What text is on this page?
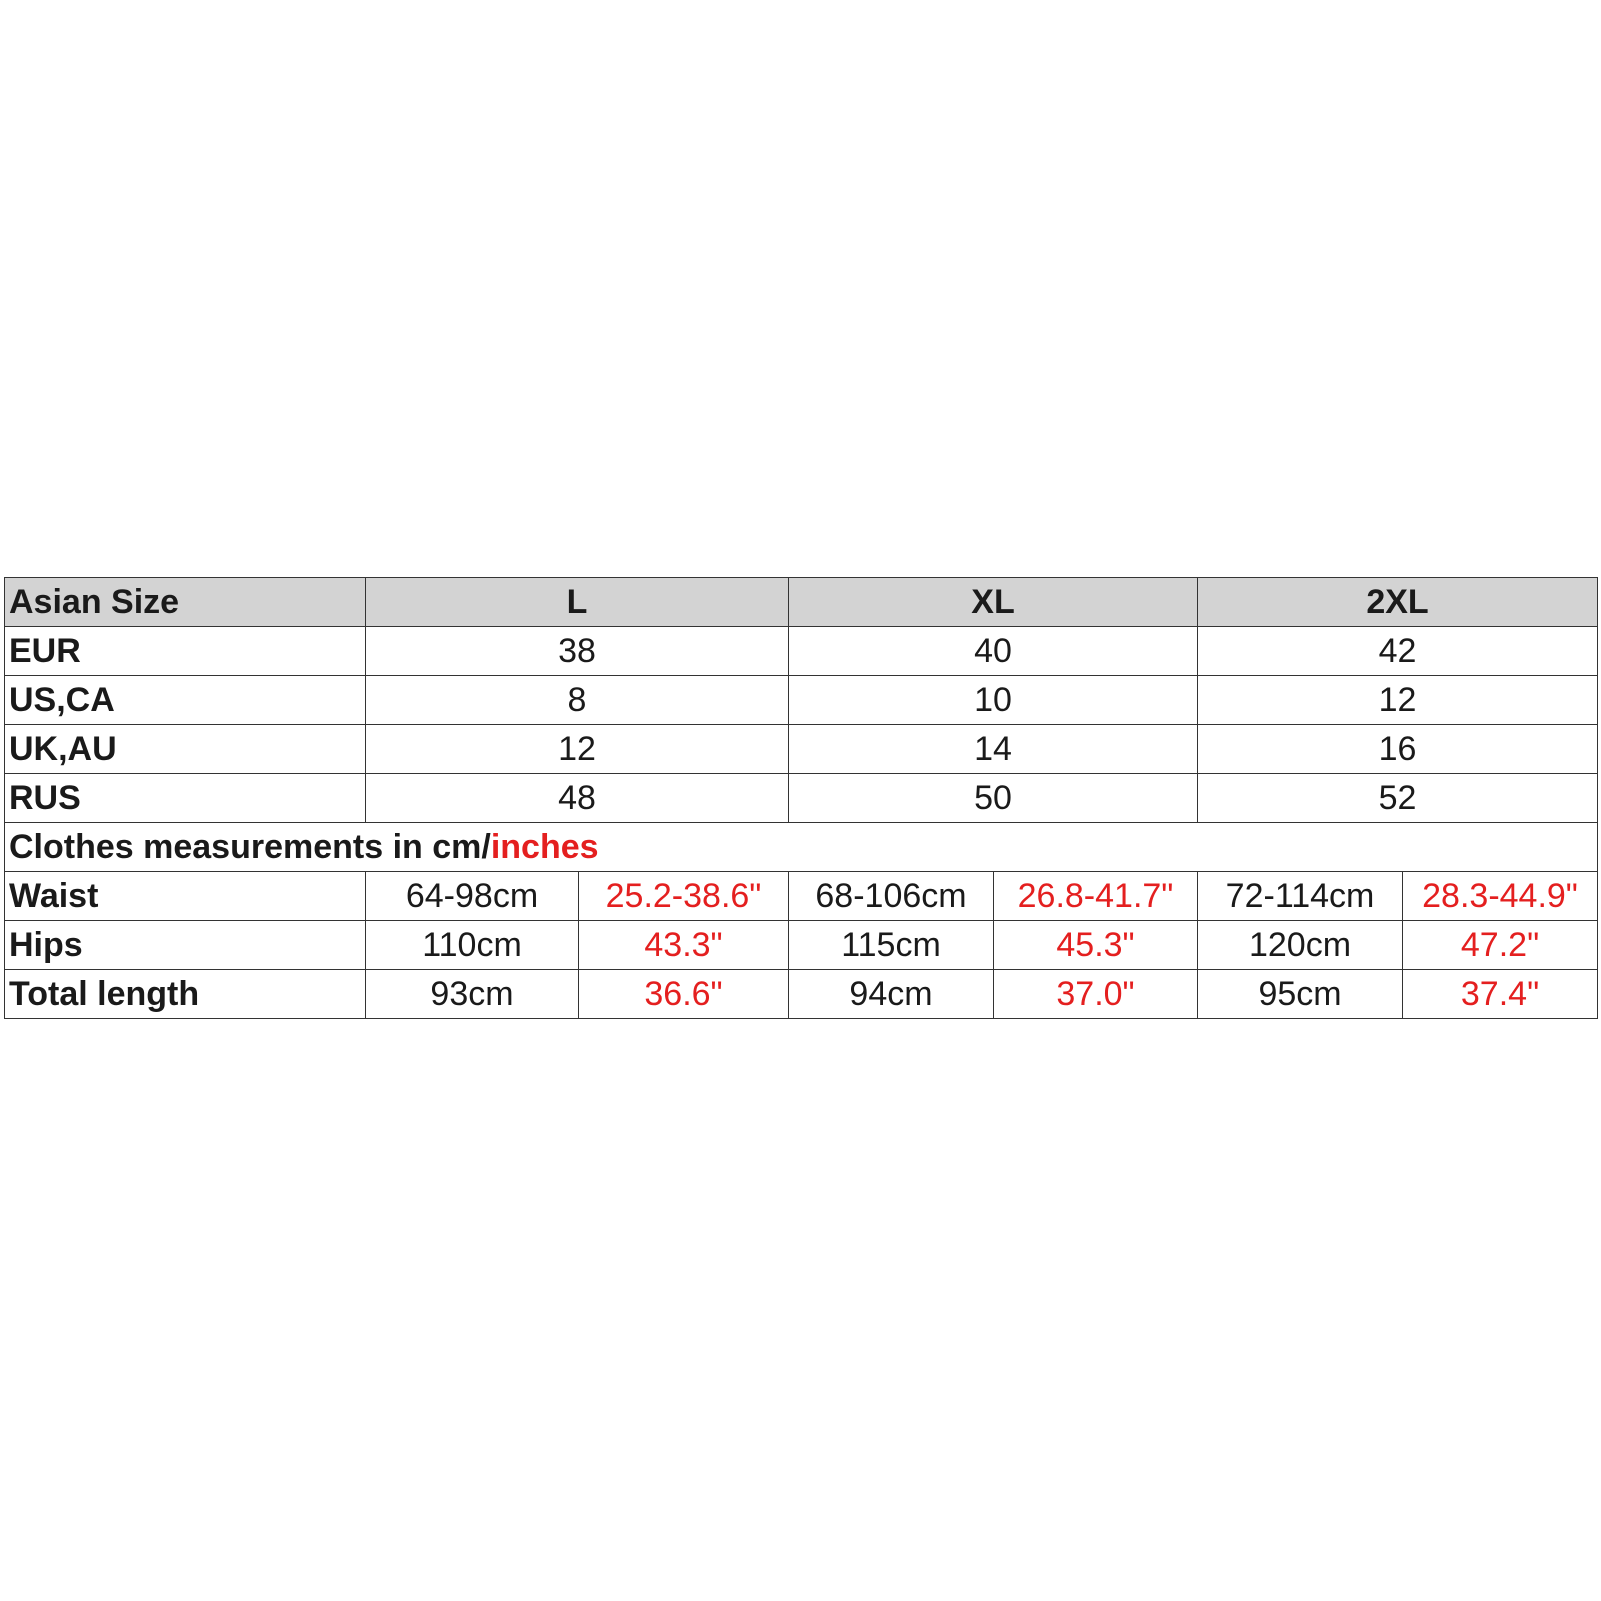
Asian Size	L		XL		2XL	
EUR	38		40		42	
US,CA	8		10		12	
UK,AU	12		14		16	
RUS	48		50		52	
Clothes measurements in cm/inches						
Waist	64-98cm	25.2-38.6"	68-106cm	26.8-41.7"	72-114cm	28.3-44.9"
Hips	110cm	43.3"	115cm	45.3"	120cm	47.2"
Total length	93cm	36.6"	94cm	37.0"	95cm	37.4"
